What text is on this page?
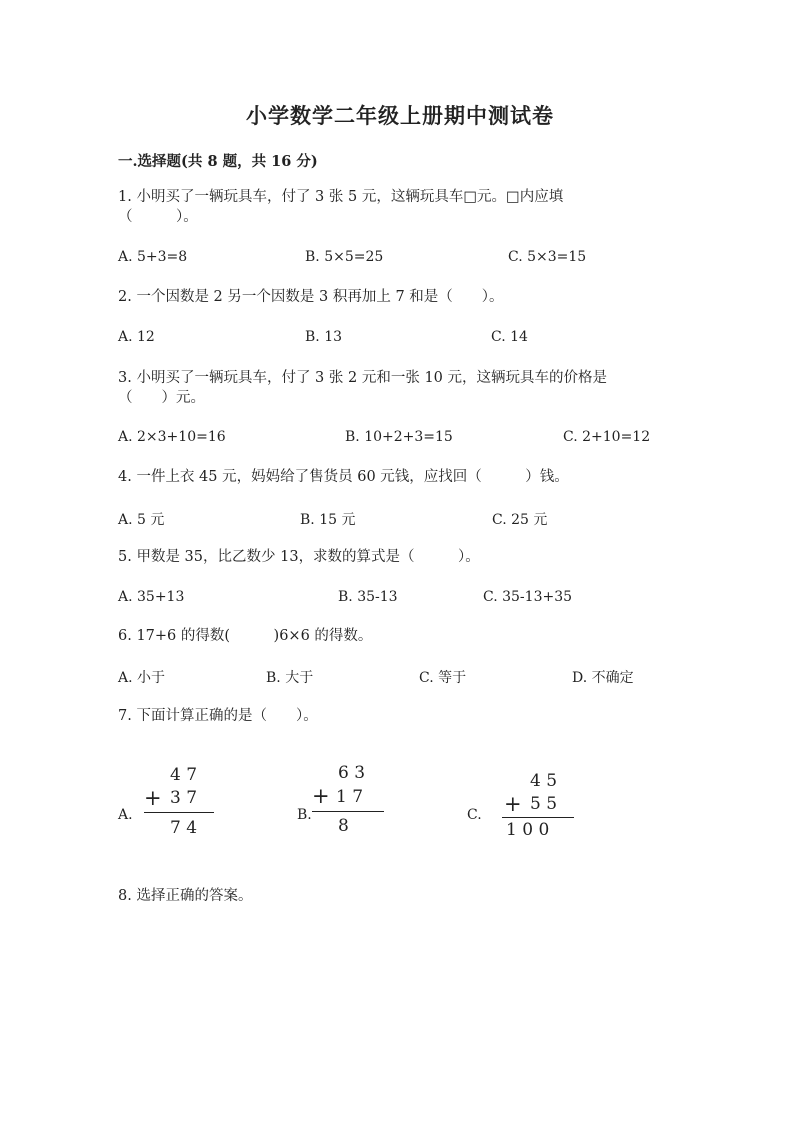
小学数学二年级上册期中测试卷
一.选择题(共 8 题，共 16 分)
1. 小明买了一辆玩具车，付了 3 张 5 元，这辆玩具车□元。□内应填
（　　　）。
A. 5+3=8	B. 5×5=25	C. 5×3=15
2. 一个因数是 2 另一个因数是 3 积再加上 7 和是（　　）。
A. 12	B. 13	C. 14
3. 小明买了一辆玩具车，付了 3 张 2 元和一张 10 元，这辆玩具车的价格是
（　　）元。
A. 2×3+10=16	B. 10+2+3=15	C. 2+10=12
4. 一件上衣 45 元，妈妈给了售货员 60 元钱，应找回（　　　）钱。
A. 5 元	B. 15 元	C. 25 元
5. 甲数是 35，比乙数少 13，求数的算式是（　　　）。
A. 35+13	B. 35-13	C. 35-13+35
6. 17+6 的得数(　　　)6×6 的得数。
A. 小于	B. 大于	C. 等于	D. 不确定
7. 下面计算正确的是（　　）。
A.
4 7
+ 3 7
7 4
B.
6 3
+ 1 7
8
C.
4 5
+ 5 5
1 0 0
8. 选择正确的答案。
